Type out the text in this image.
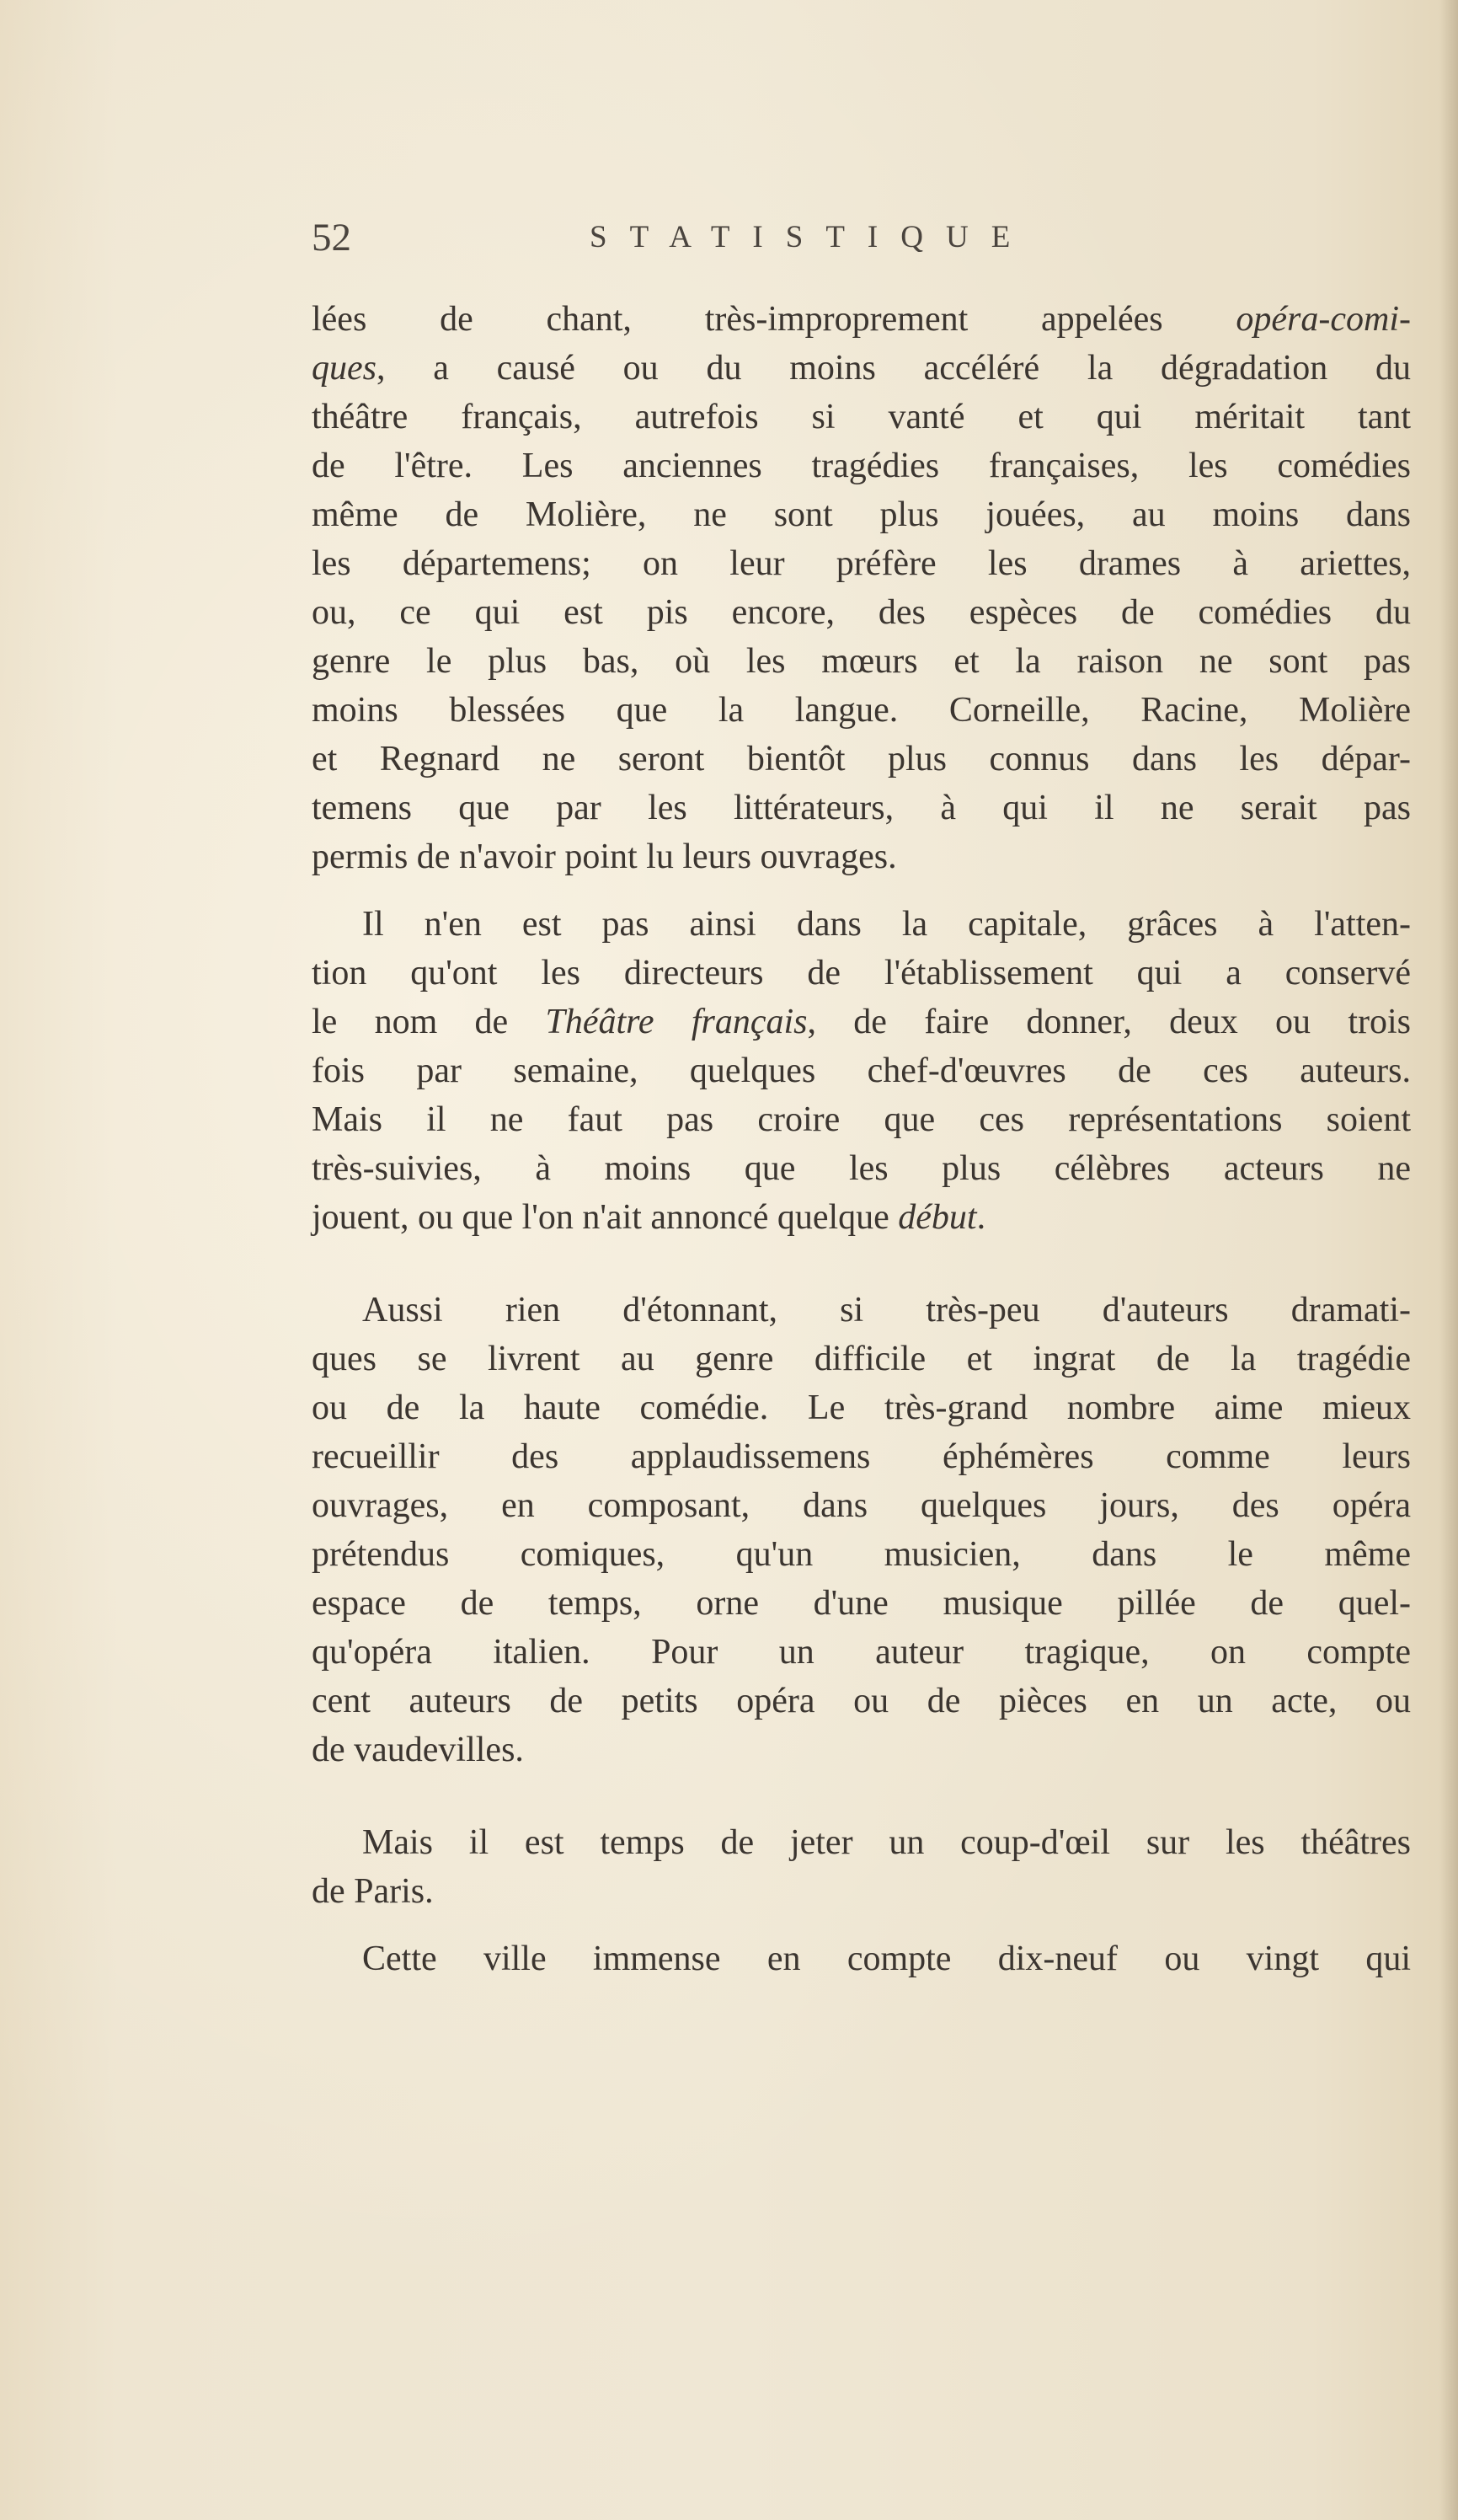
52	STATISTIQUE
lées de chant, très-improprement appelées opéra-comi-
ques, a causé ou du moins accéléré la dégradation du
théâtre français, autrefois si vanté et qui méritait tant
de l'être. Les anciennes tragédies françaises, les comédies
même de Molière, ne sont plus jouées, au moins dans
les départemens; on leur préfère les drames à ariettes,
ou, ce qui est pis encore, des espèces de comédies du
genre le plus bas, où les mœurs et la raison ne sont pas
moins blessées que la langue. Corneille, Racine, Molière
et Regnard ne seront bientôt plus connus dans les dépar-
temens que par les littérateurs, à qui il ne serait pas
permis de n'avoir point lu leurs ouvrages.
Il n'en est pas ainsi dans la capitale, grâces à l'atten-
tion qu'ont les directeurs de l'établissement qui a conservé
le nom de Théâtre français, de faire donner, deux ou trois
fois par semaine, quelques chef-d'œuvres de ces auteurs.
Mais il ne faut pas croire que ces représentations soient
très-suivies, à moins que les plus célèbres acteurs ne
jouent, ou que l'on n'ait annoncé quelque début.
Aussi rien d'étonnant, si très-peu d'auteurs dramati-
ques se livrent au genre difficile et ingrat de la tragédie
ou de la haute comédie. Le très-grand nombre aime mieux
recueillir des applaudissemens éphémères comme leurs
ouvrages, en composant, dans quelques jours, des opéra
prétendus comiques, qu'un musicien, dans le même
espace de temps, orne d'une musique pillée de quel-
qu'opéra italien. Pour un auteur tragique, on compte
cent auteurs de petits opéra ou de pièces en un acte, ou
de vaudevilles.
Mais il est temps de jeter un coup-d'œil sur les théâtres
de Paris.
Cette ville immense en compte dix-neuf ou vingt qui
